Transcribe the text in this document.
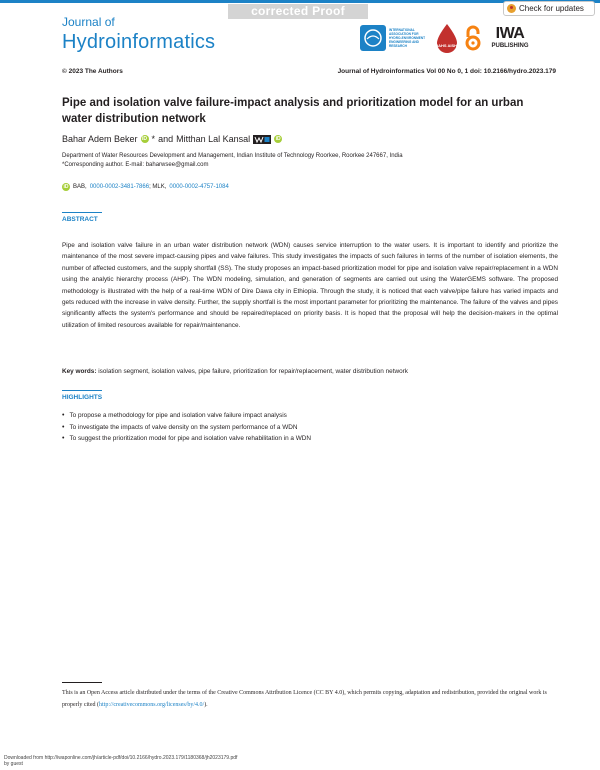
corrected Proof	Check for updates
Journal of
Hydroinformatics
INTERNATIONAL ASSOCIATION FOR HYDRO-ENVIRONMENT ENGINEERING AND RESEARCH	IAHS AISH
IWA
PUBLISHING
© 2023 The Authors	Journal of Hydroinformatics Vol 00 No 0, 1 doi: 10.2166/hydro.2023.179
Pipe and isolation valve failure-impact analysis and prioritization model for an urban water distribution network
Bahar Adem Beker iD * and Mitthan Lal Kansal	iD
Department of Water Resources Development and Management, Indian Institute of Technology Roorkee, Roorkee 247667, India
*Corresponding author. E-mail: baharwsee@gmail.com
iD BAB, 0000-0002-3481-7866 ; MLK, 0000-0002-4757-1084
ABSTRACT
Pipe and isolation valve failure in an urban water distribution network (WDN) causes service interruption to the water users. It is important to identify and prioritize the maintenance of the most severe impact-causing pipes and valve failures. This study investigates the impacts of such failures in terms of the number of isolation elements, the number of affected customers, and the supply shortfall (SS). The study proposes an impact-based prioritization model for pipe and isolation valve repair/replacement in a WDN using the analytic hierarchy process (AHP). The WDN modeling, simulation, and generation of segments are carried out using the WaterGEMS software. The proposed methodology is illustrated with the help of a real-time WDN of Dire Dawa city in Ethiopia. Through the study, it is noticed that each valve/pipe failure has varied impacts and gets reduced with the increase in valve density. Further, the supply shortfall is the most important parameter for prioritizing the maintenance. The failure of the valves and pipes significantly affects the system's performance and should be repaired/replaced on priority basis. It is hoped that the proposal will help the decision-makers in the optimal utilization of limited resources available for repair/maintenance.
Key words: isolation segment, isolation valves, pipe failure, prioritization for repair/replacement, water distribution network
HIGHLIGHTS
• To propose a methodology for pipe and isolation valve failure impact analysis
• To investigate the impacts of valve density on the system performance of a WDN
• To suggest the prioritization model for pipe and isolation valve rehabilitation in a WDN
This is an Open Access article distributed under the terms of the Creative Commons Attribution Licence (CC BY 4.0), which permits copying, adaptation and redistribution, provided the original work is properly cited (http://creativecommons.org/licenses/by/4.0/).
Downloaded from http://iwaponline.com/jh/article-pdf/doi/10.2166/hydro.2023.179/1180368/jh2023179.pdf
by guest
